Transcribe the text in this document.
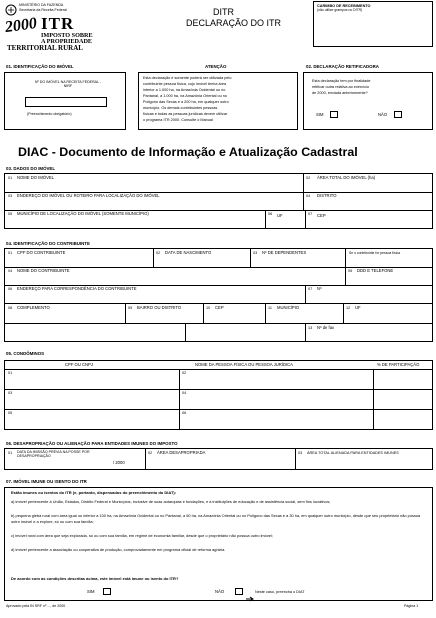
MINISTÉRIO DA FAZENDA
Secretaria da Receita Federal
2000 ITR
IMPOSTO SOBRE
A PROPRIEDADE
TERRITORIAL RURAL
DITR
DECLARAÇÃO DO ITR
CARIMBO DE RECEBIMENTO
(não utilize grampos no DITR)
01. IDENTIFICAÇÃO DO IMÓVEL
Nº DO IMÓVEL NA RECEITA FEDERAL - NIRF
(Preenchimento obrigatório)
ATENÇÃO
Esta declaração é somente poderá ser utilizada pelo
contribuinte pessoa física, cujo imóvel tenha área
inferior a 1.000 ha, na Amazônia Ocidental ou no
Pantanal, a 1.000 ha, na Amazônia Oriental ou no
Polígono das Secas e a 200 ha, em qualquer outro
município. Os demais contribuintes pessoas
físicas e todas as pessoas jurídicas devem utilizar
o programa ITR 2000. Consulte o Manual
02. DECLARAÇÃO RETIFICADORA
Esta declaração tem por finalidade
retificar outra relativa ao exercício
de 2000, enviada anteriormente?
SIM	NÃO
DIAC - Documento de Informação e Atualização Cadastral
03. DADOS DO IMÓVEL
NOME DO IMÓVEL	ÁREA TOTAL DO IMÓVEL (ha)
ENDEREÇO DO IMÓVEL OU ROTEIRO PARA LOCALIZAÇÃO DO IMÓVEL	DISTRITO
MUNICÍPIO DE LOCALIZAÇÃO DO IMÓVEL (SOMENTE MUNICÍPIO)	UF	CEP
01	02
03	04
05	06	07
04. IDENTIFICAÇÃO DO CONTRIBUINTE
01 CPF DO CONTRIBUINTE	02 DATA DE NASCIMENTO	03 Nº DE DEPENDENTES	Se o contribuinte for pessoa física
04 NOME DO CONTRIBUINTE	05 DDD E TELEFONE
06 ENDEREÇO PARA CORRESPONDÊNCIA DO CONTRIBUINTE	07 Nº
08 COMPLEMENTO	09 BAIRRO OU DISTRITO	10 CEP	11 MUNICÍPIO	12 UF
13 Nº de fax
05. CONDÔMINOS
CPF OU CNPJ	NOME DA PESSOA FÍSICA OU PESSOA JURÍDICA	% DE PARTICIPAÇÃO
01	02
03	04
05	06
06. DESAPROPRIAÇÃO OU ALIENAÇÃO PARA ENTIDADES IMUNES DO IMPOSTO
01 DATA DA IMISSÃO PRÉVIA NA POSSE POR DESAPROPRIAÇÃO
/ 2000
02 ÁREA DESAPROPRIADA	03 ÁREA TOTAL ALIENADA PARA ENTIDADES IMUNES
07. IMÓVEL IMUNE OU ISENTO DO ITR
Estão imunes ou isentos do ITR (e, portanto, dispensados do preenchimento do DIAT):
a) imóvel pertencente à União, Estados, Distrito Federal e Municípios, inclusive de suas autarquias e fundações, e a instituições de educação e de assistência social, sem fins lucrativos;
b) pequena gleba rural com área igual ou inferior a 100 ha, na Amazônia Ocidental ou no Pantanal, a 50 ha, na Amazônia Oriental ou no Polígono das Secas e a 30 ha, em qualquer outro município, desde que seu proprietário não possua outro imóvel e a explore, só ou com sua família;
c) imóvel rural com área que seja explorada, só ou com sua família, em regime de economia familiar, desde que o proprietário não possua outro imóvel;
d) imóvel pertencente a associação ou cooperativa de produção, comprovadamente em programa oficial de reforma agrária.
De acordo com as condições descritas acima, este imóvel está imune ou isento do ITR?
SIM	NÃO	Neste caso, preencha o DIAT
Aprovado pela IN SRF nº ..., de 2000	Página 1
